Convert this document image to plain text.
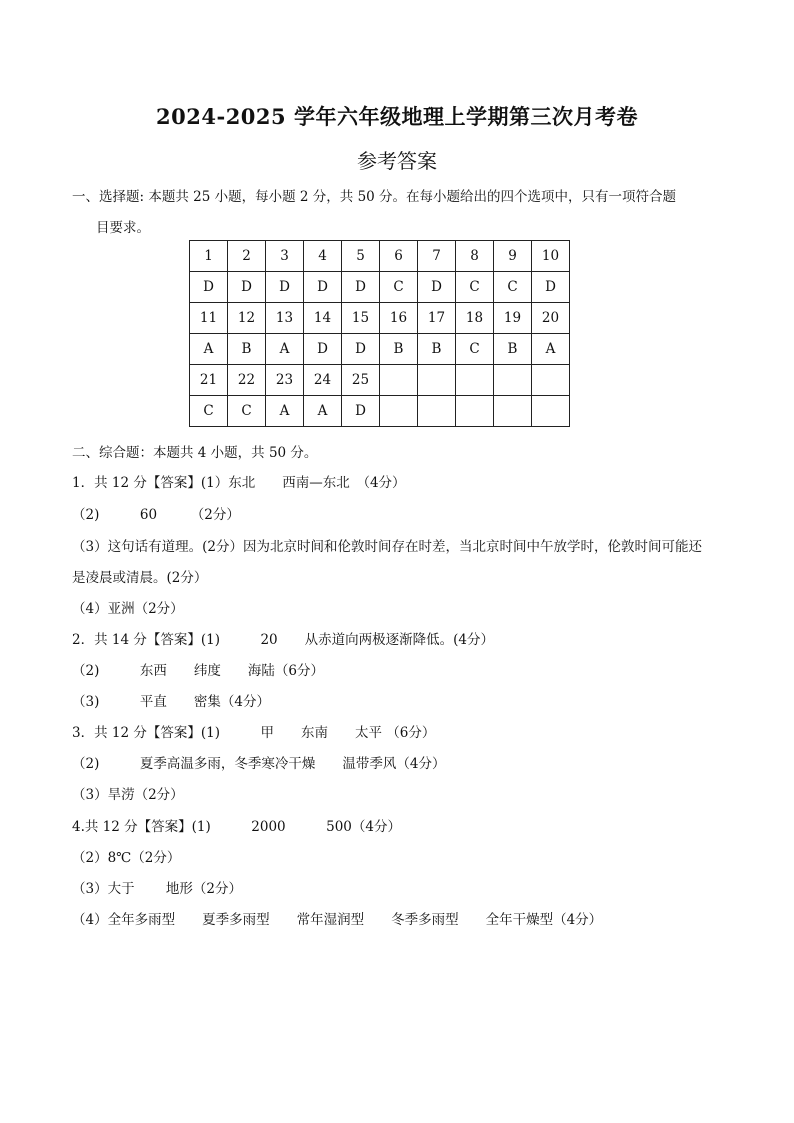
2024-2025 学年六年级地理上学期第三次月考卷
参考答案
一、选择题: 本题共 25 小题，每小题 2 分，共 50 分。在每小题给出的四个选项中，只有一项符合题
目要求。
1	2	3	4	5	6	7	8	9	10
D	D	D	D	D	C	D	C	C	D
11	12	13	14	15	16	17	18	19	20
A	B	A	D	D	B	B	C	B	A
21	22	23	24	25					
C	C	A	A	D					
二、综合题：本题共 4 小题，共 50 分。
1．共 12 分【答案】(1）东北　　西南—东北　（4分）
（2)　　　60　　　（2分）
（3）这句话有道理。(2分）因为北京时间和伦敦时间存在时差，当北京时间中午放学时，伦敦时间可能还
是凌晨或清晨。(2分）
（4）亚洲（2分）
2．共 14 分【答案】(1)　　　20　　从赤道向两极逐渐降低。(4分）
（2)　　　东西　　纬度　　海陆（6分）
（3)　　　平直　　密集（4分）
3．共 12 分【答案】(1)　　　甲　　东南　　太平 （6分）
（2)　　　夏季高温多雨，冬季寒冷干燥　　温带季风（4分）
（3）旱涝（2分）
4.共 12 分【答案】(1)　　　2000　　　500（4分）
（2）8℃（2分）
（3）大于　　 地形（2分）
（4）全年多雨型　　夏季多雨型　　常年湿润型　　冬季多雨型　　全年干燥型（4分）
